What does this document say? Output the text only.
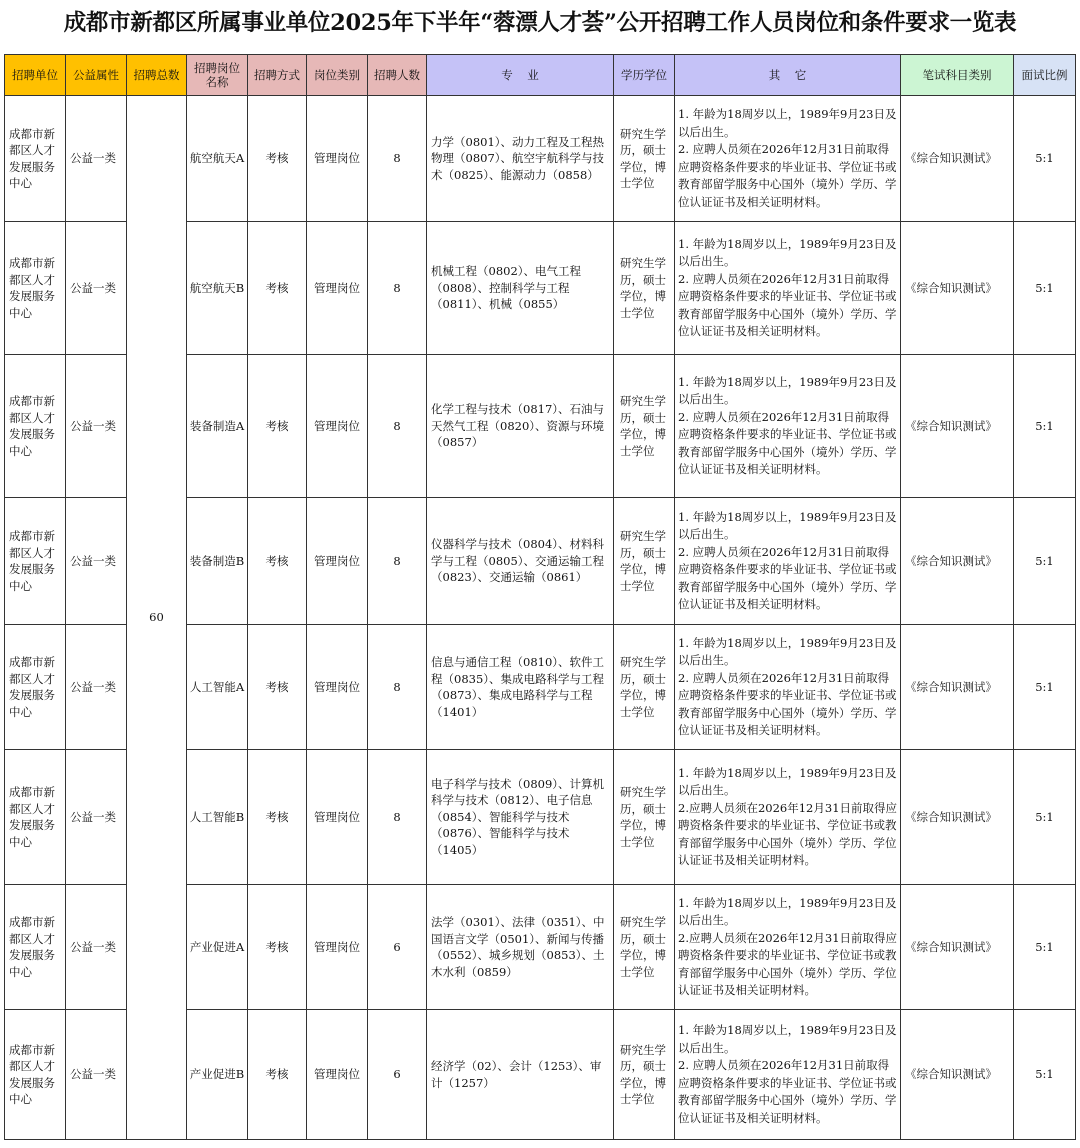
成都市新都区所属事业单位2025年下半年“蓉漂人才荟”公开招聘工作人员岗位和条件要求一览表
招聘单位	公益属性	招聘总数	招聘岗位名称	招聘方式	岗位类别	招聘人数	专    业	学历学位	其    它	笔试科目类别	面试比例
成都市新都区人才发展服务中心	公益一类	60	航空航天A	考核	管理岗位	8	力学（0801）、动力工程及工程热物理（0807）、航空宇航科学与技术（0825）、能源动力（0858）	研究生学历，硕士学位，博士学位	1. 年龄为18周岁以上，1989年9月23日及以后出生。
2. 应聘人员须在2026年12月31日前取得应聘资格条件要求的毕业证书、学位证书或教育部留学服务中心国外（境外）学历、学位认证证书及相关证明材料。	《综合知识测试》	5:1
成都市新都区人才发展服务中心	公益一类		航空航天B	考核	管理岗位	8	机械工程（0802）、电气工程（0808）、控制科学与工程（0811）、机械（0855）	研究生学历，硕士学位，博士学位	1. 年龄为18周岁以上，1989年9月23日及以后出生。
2. 应聘人员须在2026年12月31日前取得应聘资格条件要求的毕业证书、学位证书或教育部留学服务中心国外（境外）学历、学位认证证书及相关证明材料。	《综合知识测试》	5:1
成都市新都区人才发展服务中心	公益一类		装备制造A	考核	管理岗位	8	化学工程与技术（0817）、石油与天然气工程（0820）、资源与环境（0857）	研究生学历，硕士学位，博士学位	1. 年龄为18周岁以上，1989年9月23日及以后出生。
2. 应聘人员须在2026年12月31日前取得应聘资格条件要求的毕业证书、学位证书或教育部留学服务中心国外（境外）学历、学位认证证书及相关证明材料。	《综合知识测试》	5:1
成都市新都区人才发展服务中心	公益一类		装备制造B	考核	管理岗位	8	仪器科学与技术（0804）、材料科学与工程（0805）、交通运输工程（0823）、交通运输（0861）	研究生学历，硕士学位，博士学位	1. 年龄为18周岁以上，1989年9月23日及以后出生。
2. 应聘人员须在2026年12月31日前取得应聘资格条件要求的毕业证书、学位证书或教育部留学服务中心国外（境外）学历、学位认证证书及相关证明材料。	《综合知识测试》	5:1
成都市新都区人才发展服务中心	公益一类		人工智能A	考核	管理岗位	8	信息与通信工程（0810）、软件工程（0835）、集成电路科学与工程（0873）、集成电路科学与工程（1401）	研究生学历，硕士学位，博士学位	1. 年龄为18周岁以上，1989年9月23日及以后出生。
2. 应聘人员须在2026年12月31日前取得应聘资格条件要求的毕业证书、学位证书或教育部留学服务中心国外（境外）学历、学位认证证书及相关证明材料。	《综合知识测试》	5:1
成都市新都区人才发展服务中心	公益一类		人工智能B	考核	管理岗位	8	电子科学与技术（0809）、计算机科学与技术（0812）、电子信息（0854）、智能科学与技术（0876）、智能科学与技术（1405）	研究生学历，硕士学位，博士学位	1. 年龄为18周岁以上，1989年9月23日及以后出生。
2.应聘人员须在2026年12月31日前取得应聘资格条件要求的毕业证书、学位证书或教育部留学服务中心国外（境外）学历、学位认证证书及相关证明材料。	《综合知识测试》	5:1
成都市新都区人才发展服务中心	公益一类		产业促进A	考核	管理岗位	6	法学（0301）、法律（0351）、中国语言文学（0501）、新闻与传播（0552）、城乡规划（0853）、土木水利（0859）	研究生学历，硕士学位，博士学位	1. 年龄为18周岁以上，1989年9月23日及以后出生。
2.应聘人员须在2026年12月31日前取得应聘资格条件要求的毕业证书、学位证书或教育部留学服务中心国外（境外）学历、学位认证证书及相关证明材料。	《综合知识测试》	5:1
成都市新都区人才发展服务中心	公益一类		产业促进B	考核	管理岗位	6	经济学（02）、会计（1253）、审计（1257）	研究生学历，硕士学位，博士学位	1. 年龄为18周岁以上，1989年9月23日及以后出生。
2. 应聘人员须在2026年12月31日前取得应聘资格条件要求的毕业证书、学位证书或教育部留学服务中心国外（境外）学历、学位认证证书及相关证明材料。	《综合知识测试》	5:1
